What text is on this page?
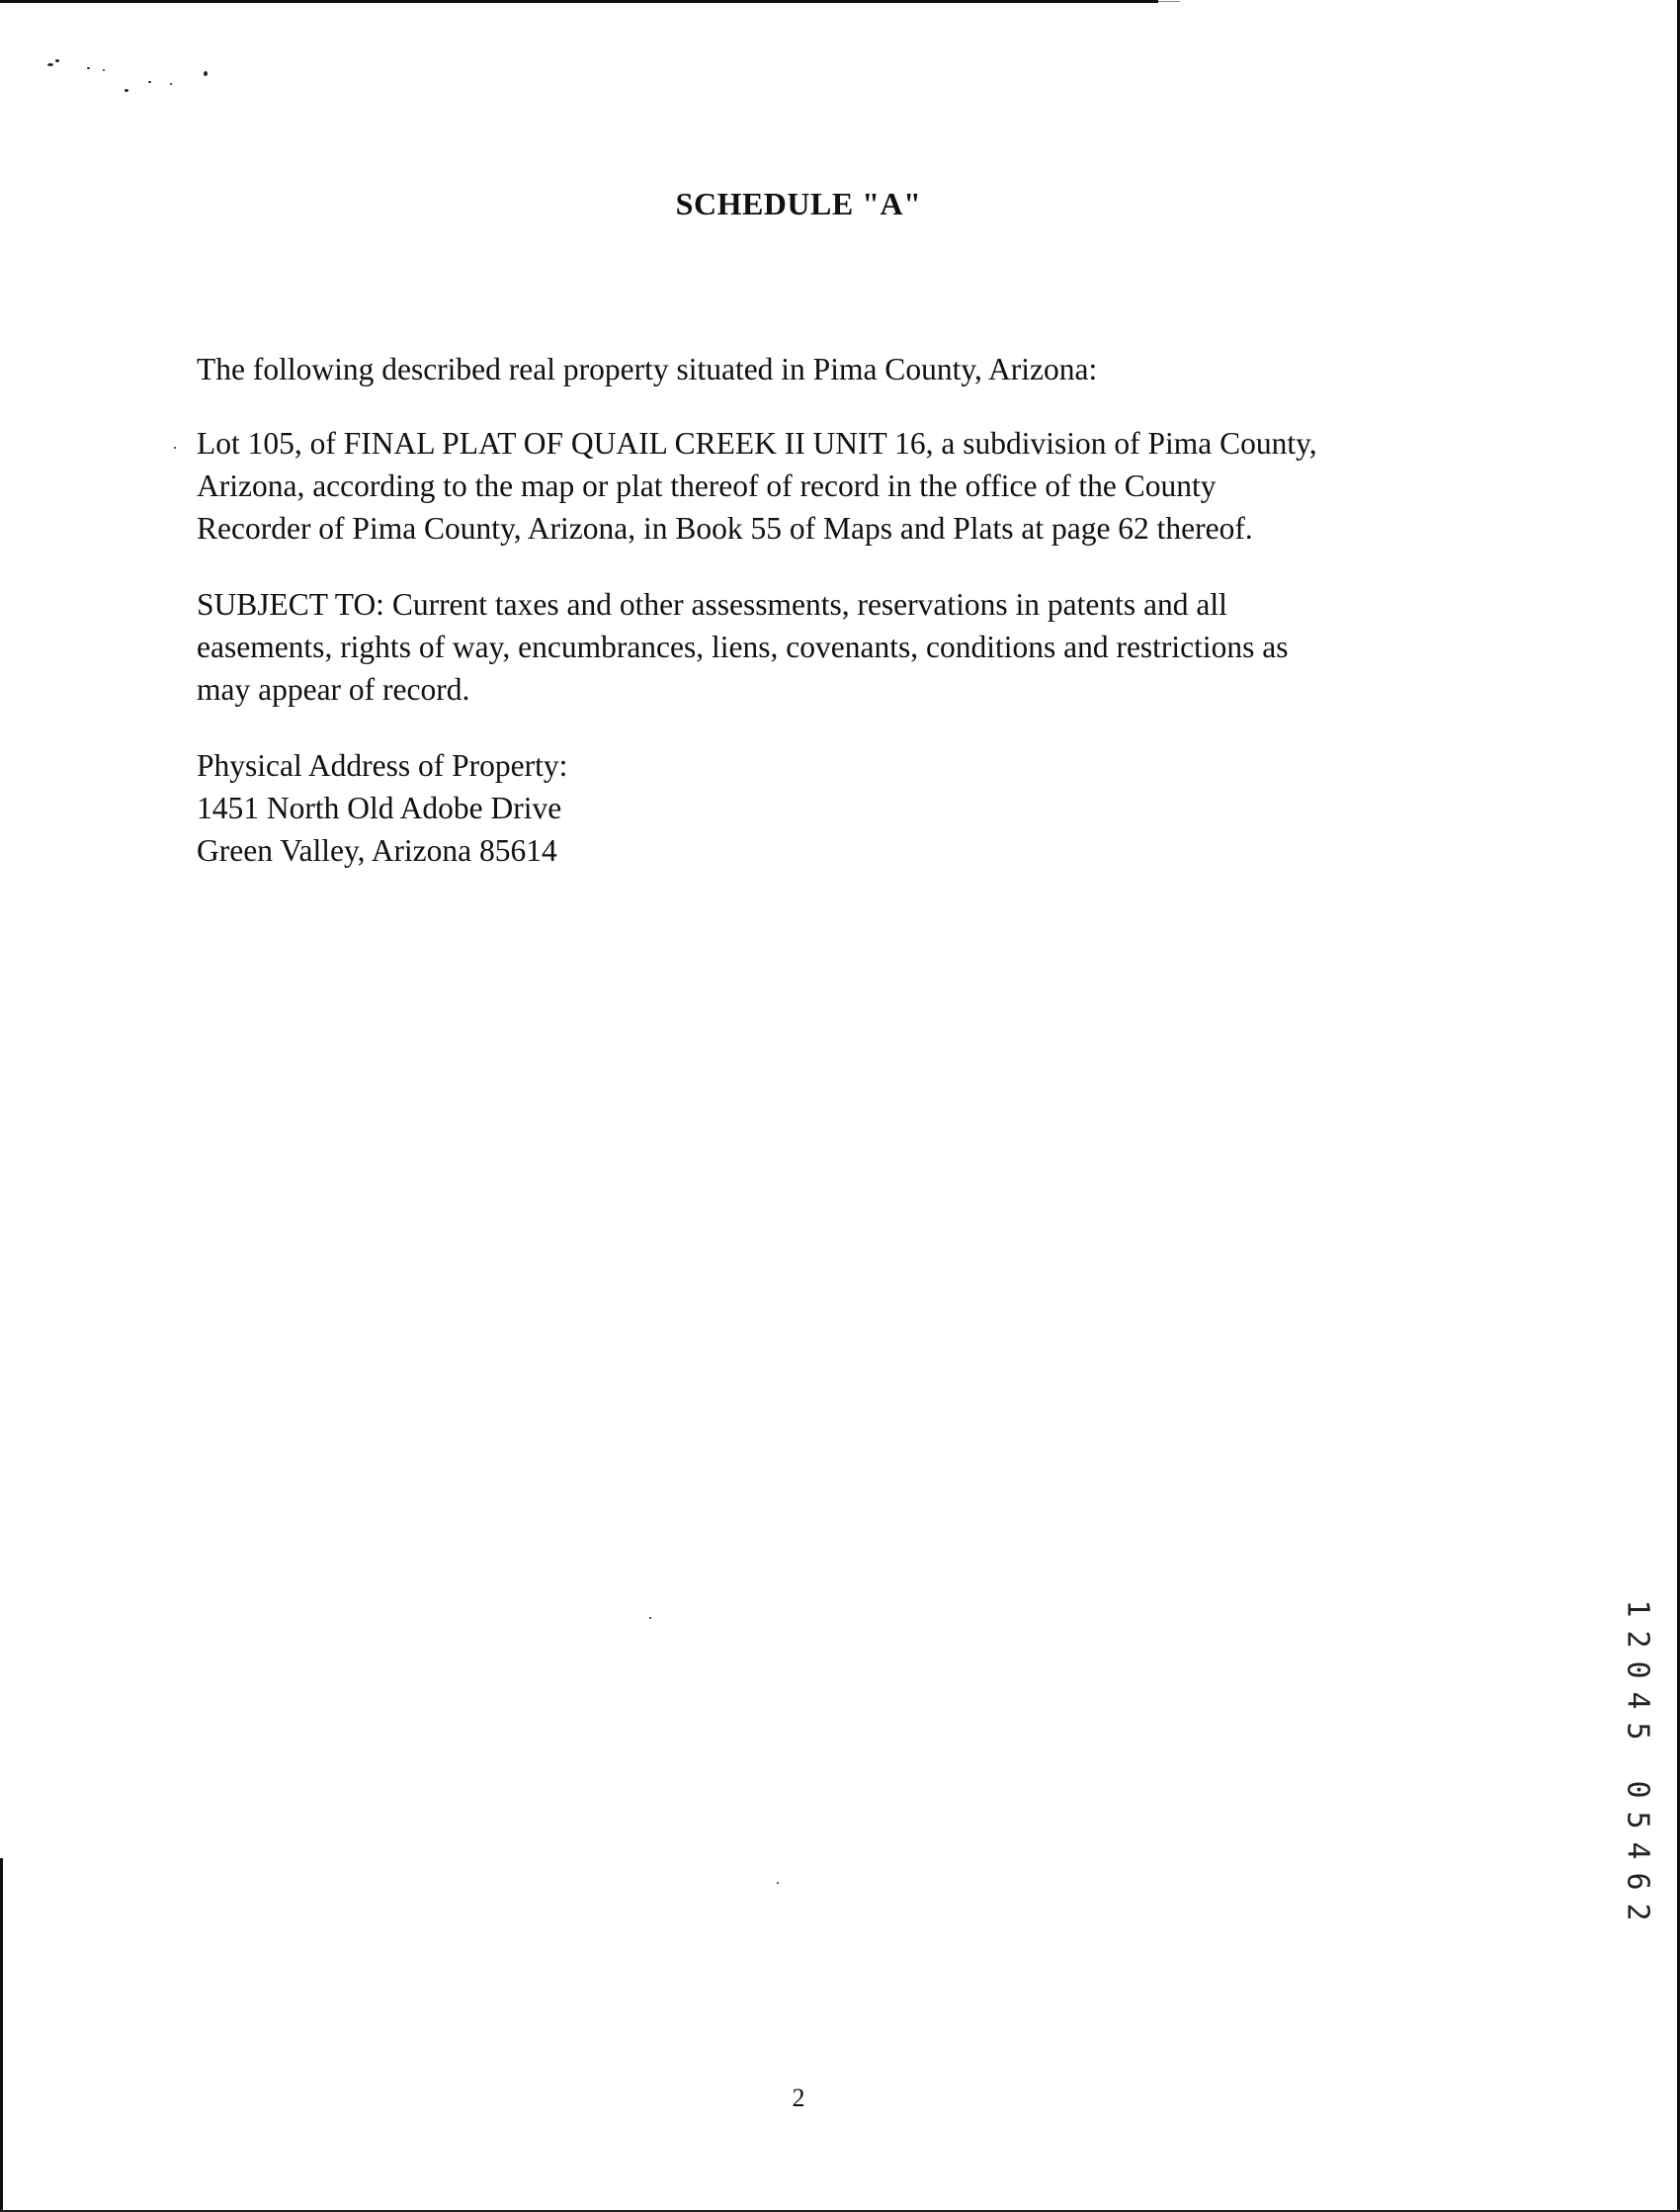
SCHEDULE "A"
The following described real property situated in Pima County, Arizona:
Lot 105, of FINAL PLAT OF QUAIL CREEK II UNIT 16, a subdivision of Pima County,
Arizona, according to the map or plat thereof of record in the office of the County
Recorder of Pima County, Arizona, in Book 55 of Maps and Plats at page 62 thereof.
SUBJECT TO: Current taxes and other assessments, reservations in patents and all
easements, rights of way, encumbrances, liens, covenants, conditions and restrictions as
may appear of record.
Physical Address of Property:
1451 North Old Adobe Drive
Green Valley, Arizona 85614
1
2
0
4
5
0
5
4
6
2
2
